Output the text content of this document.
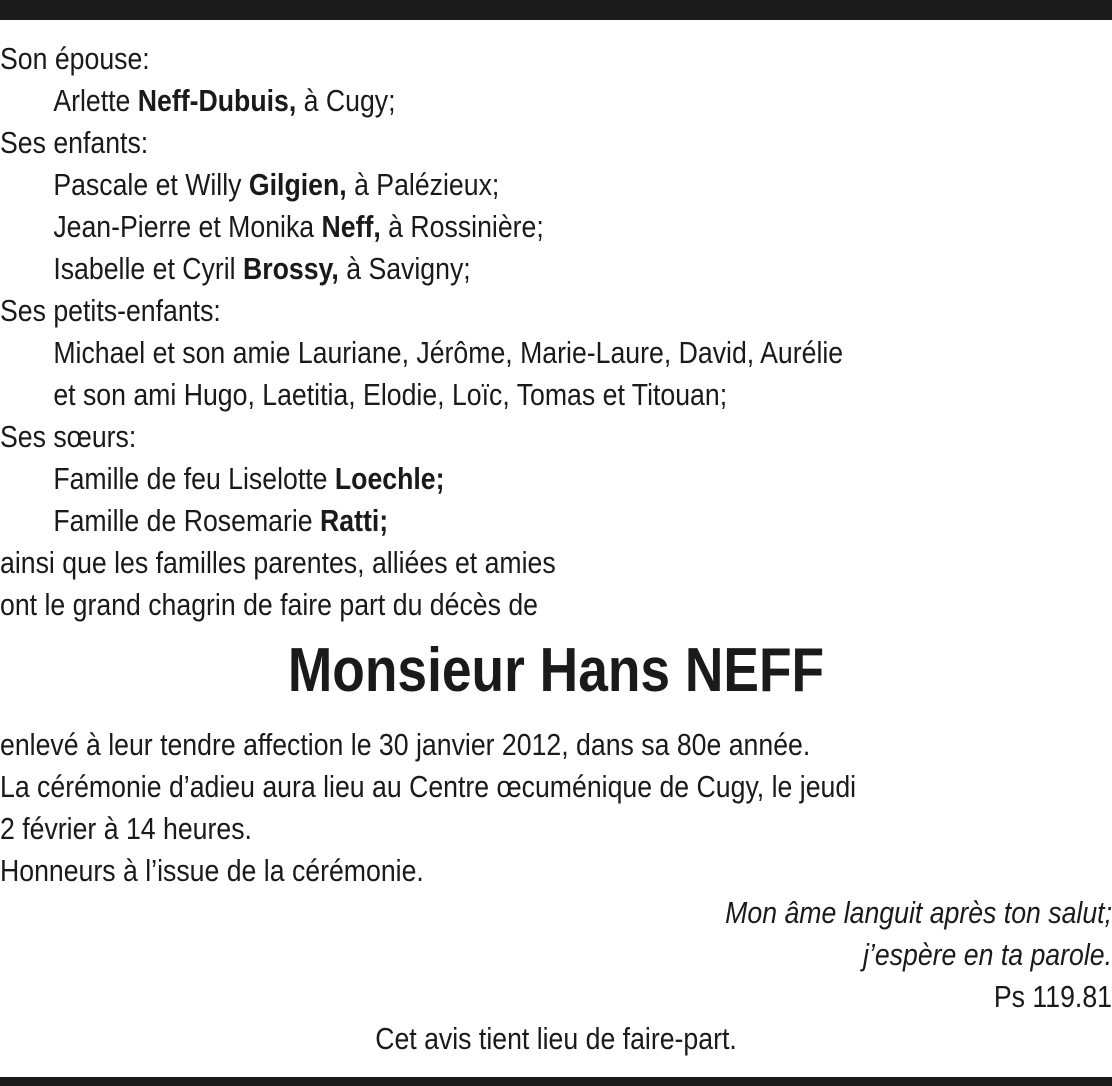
Son épouse:
Arlette Neff-Dubuis, à Cugy;
Ses enfants:
Pascale et Willy Gilgien, à Palézieux;
Jean-Pierre et Monika Neff, à Rossinière;
Isabelle et Cyril Brossy, à Savigny;
Ses petits-enfants:
Michael et son amie Lauriane, Jérôme, Marie-Laure, David, Aurélie
et son ami Hugo, Laetitia, Elodie, Loïc, Tomas et Titouan;
Ses sœurs:
Famille de feu Liselotte Loechle;
Famille de Rosemarie Ratti;
ainsi que les familles parentes, alliées et amies
ont le grand chagrin de faire part du décès de
Monsieur Hans NEFF
enlevé à leur tendre affection le 30 janvier 2012, dans sa 80e année.
La cérémonie d’adieu aura lieu au Centre œcuménique de Cugy, le jeudi
2 février à 14 heures.
Honneurs à l’issue de la cérémonie.
Mon âme languit après ton salut;
j’espère en ta parole.
Ps 119.81
Cet avis tient lieu de faire-part.
